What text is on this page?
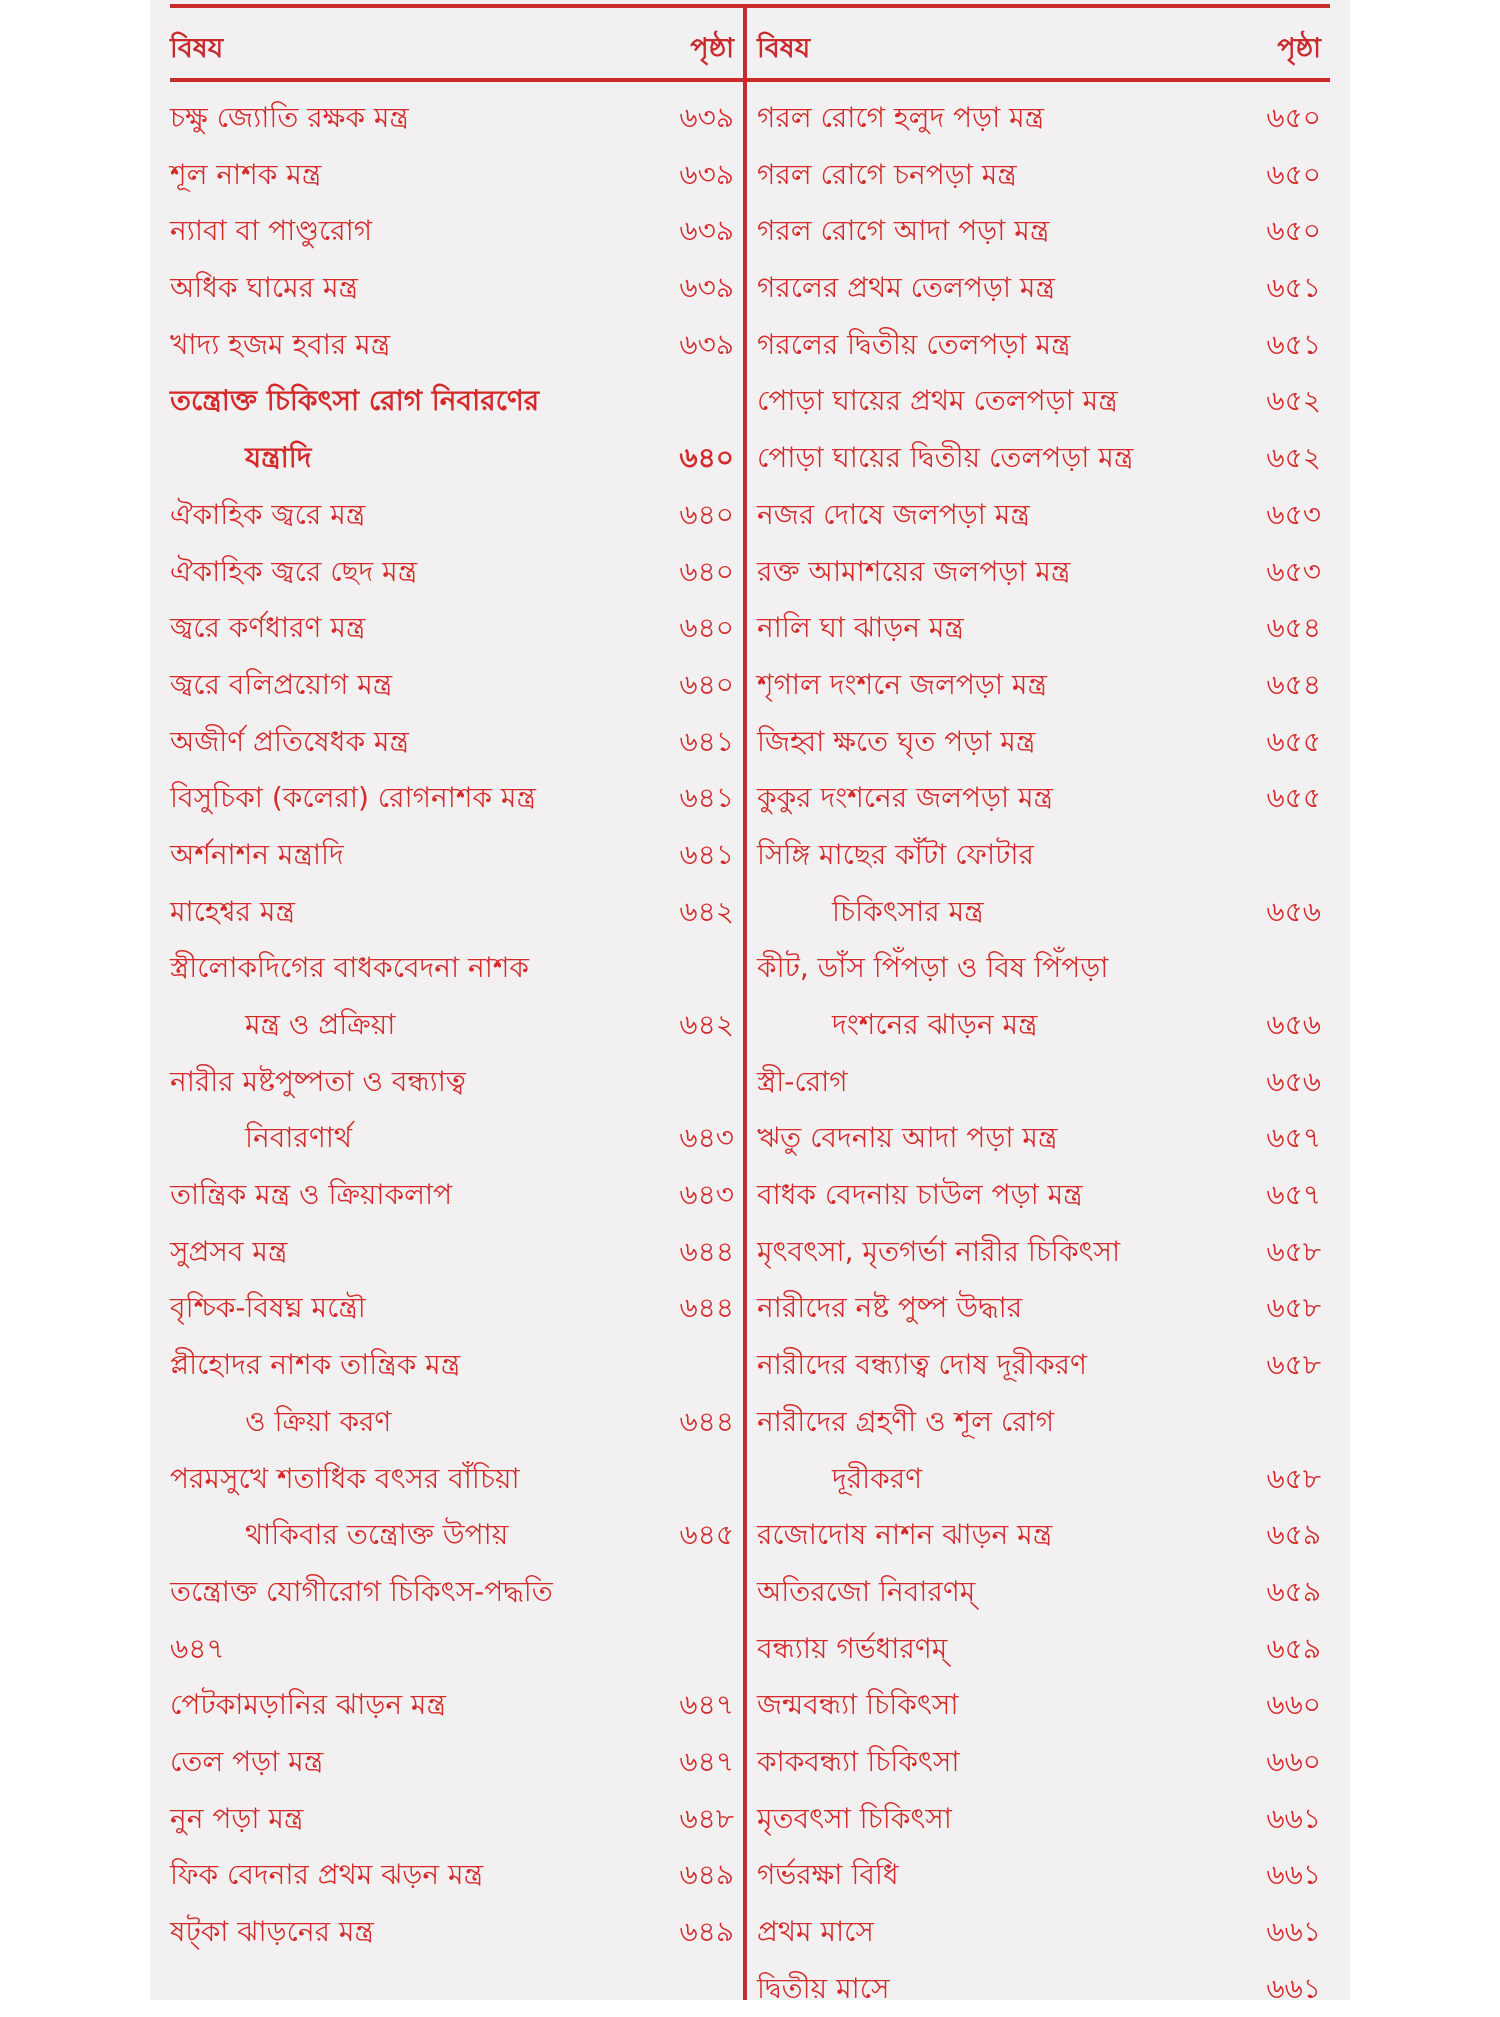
বিষয	পৃষ্ঠা
চক্ষু জ্যোতি রক্ষক মন্ত্র	৬৩৯
শূল নাশক মন্ত্র	৬৩৯
ন্যাবা বা পাণ্ডুরোগ	৬৩৯
অধিক ঘামের মন্ত্র	৬৩৯
খাদ্য হজম হবার মন্ত্র	৬৩৯
তন্ত্রোক্ত চিকিৎসা রোগ নিবারণের
যন্ত্রাদি	৬৪০
ঐকাহিক জ্বরে মন্ত্র	৬৪০
ঐকাহিক জ্বরে ছেদ মন্ত্র	৬৪০
জ্বরে কর্ণধারণ মন্ত্র	৬৪০
জ্বরে বলিপ্রয়োগ মন্ত্র	৬৪০
অজীর্ণ প্রতিষেধক মন্ত্র	৬৪১
বিসুচিকা (কলেরা) রোগনাশক মন্ত্র	৬৪১
অর্শনাশন মন্ত্রাদি	৬৪১
মাহেশ্বর মন্ত্র	৬৪২
স্ত্রীলোকদিগের বাধকবেদনা নাশক
মন্ত্র ও প্রক্রিয়া	৬৪২
নারীর মষ্টপুষ্পতা ও বন্ধ্যাত্ব
নিবারণার্থ	৬৪৩
তান্ত্রিক মন্ত্র ও ক্রিয়াকলাপ	৬৪৩
সুপ্রসব মন্ত্র	৬৪৪
বৃশ্চিক-বিষঘ্ন মন্ত্রৌ	৬৪৪
প্লীহোদর নাশক তান্ত্রিক মন্ত্র
ও ক্রিয়া করণ	৬৪৪
পরমসুখে শতাধিক বৎসর বাঁচিয়া
থাকিবার তন্ত্রোক্ত উপায়	৬৪৫
তন্ত্রোক্ত যোগীরোগ চিকিৎস-পদ্ধতি
৬৪৭
পেটকামড়ানির ঝাড়ন মন্ত্র	৬৪৭
তেল পড়া মন্ত্র	৬৪৭
নুন পড়া মন্ত্র	৬৪৮
ফিক বেদনার প্রথম ঝড়ন মন্ত্র	৬৪৯
ষট্‌কা ঝাড়নের মন্ত্র	৬৪৯
বিষয	পৃষ্ঠা
গরল রোগে হলুদ পড়া মন্ত্র	৬৫০
গরল রোগে চনপড়া মন্ত্র	৬৫০
গরল রোগে আদা পড়া মন্ত্র	৬৫০
গরলের প্রথম তেলপড়া মন্ত্র	৬৫১
গরলের দ্বিতীয় তেলপড়া মন্ত্র	৬৫১
পোড়া ঘায়ের প্রথম তেলপড়া মন্ত্র	৬৫২
পোড়া ঘায়ের দ্বিতীয় তেলপড়া মন্ত্র	৬৫২
নজর দোষে জলপড়া মন্ত্র	৬৫৩
রক্ত আমাশয়ের জলপড়া মন্ত্র	৬৫৩
নালি ঘা ঝাড়ন মন্ত্র	৬৫৪
শৃগাল দংশনে জলপড়া মন্ত্র	৬৫৪
জিহ্বা ক্ষতে ঘৃত পড়া মন্ত্র	৬৫৫
কুকুর দংশনের জলপড়া মন্ত্র	৬৫৫
সিঙ্গি মাছের কাঁটা ফোটার
চিকিৎসার মন্ত্র	৬৫৬
কীট, ডাঁস পিঁপড়া ও বিষ পিঁপড়া
দংশনের ঝাড়ন মন্ত্র	৬৫৬
স্ত্রী-রোগ	৬৫৬
ঋতু বেদনায় আদা পড়া মন্ত্র	৬৫৭
বাধক বেদনায় চাউল পড়া মন্ত্র	৬৫৭
মৃৎবৎসা, মৃতগর্ভা নারীর চিকিৎসা	৬৫৮
নারীদের নষ্ট পুষ্প উদ্ধার	৬৫৮
নারীদের বন্ধ্যাত্ব দোষ দূরীকরণ	৬৫৮
নারীদের গ্রহণী ও শূল রোগ
দূরীকরণ	৬৫৮
রজোদোষ নাশন ঝাড়ন মন্ত্র	৬৫৯
অতিরজো নিবারণম্	৬৫৯
বন্ধ্যায় গর্ভধারণম্	৬৫৯
জন্মবন্ধ্যা চিকিৎসা	৬৬০
কাকবন্ধ্যা চিকিৎসা	৬৬০
মৃতবৎসা চিকিৎসা	৬৬১
গর্ভরক্ষা বিধি	৬৬১
প্রথম মাসে	৬৬১
দ্বিতীয় মাসে	৬৬১
